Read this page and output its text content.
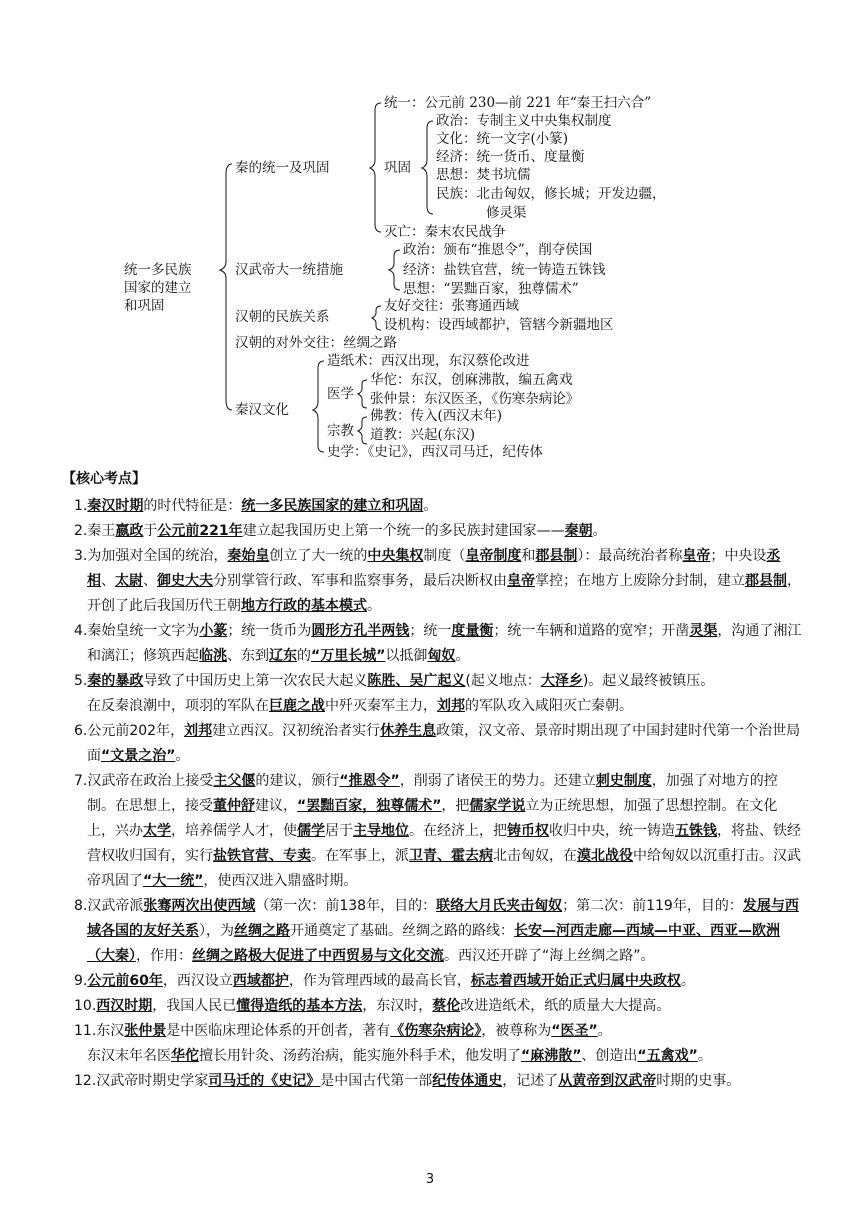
统一多民族
国家的建立
和巩固
秦的统一及巩固
统一：公元前 230—前 221 年“秦王扫六合”
巩固
政治：专制主义中央集权制度
文化：统一文字(小篆)
经济：统一货币、度量衡
思想：焚书坑儒
民族：北击匈奴，修长城；开发边疆，
修灵渠
灭亡：秦末农民战争
汉武帝大一统措施
政治：颁布“推恩令”，削夺侯国
经济：盐铁官营，统一铸造五铢钱
思想：“罢黜百家，独尊儒术”
汉朝的民族关系
友好交往：张骞通西域
设机构：设西域都护，管辖今新疆地区
汉朝的对外交往：丝绸之路
秦汉文化
造纸术：西汉出现，东汉蔡伦改进
医学
华佗：东汉，创麻沸散，编五禽戏
张仲景：东汉医圣，《伤寒杂病论》
宗教
佛教：传入(西汉末年)
道教：兴起(东汉)
史学：《史记》，西汉司马迁，纪传体
【核心考点】

1.秦汉时期的时代特征是：统一多民族国家的建立和巩固。

2.秦王嬴政于公元前221年建立起我国历史上第一个统一的多民族封建国家——秦朝。

3.为加强对全国的统治，秦始皇创立了大一统的中央集权制度（皇帝制度和郡县制）：最高统治者称皇帝；中央设丞相、太尉、御史大夫分别掌管行政、军事和监察事务，最后决断权由皇帝掌控；在地方上废除分封制，建立郡县制，开创了此后我国历代王朝地方行政的基本模式。

4.秦始皇统一文字为小篆；统一货币为圆形方孔半两钱；统一度量衡；统一车辆和道路的宽窄；开凿灵渠，沟通了湘江和漓江；修筑西起临洮、东到辽东的“万里长城”以抵御匈奴。

5.秦的暴政导致了中国历史上第一次农民大起义陈胜、吴广起义(起义地点：大泽乡)。起义最终被镇压。

在反秦浪潮中，项羽的军队在巨鹿之战中歼灭秦军主力，刘邦的军队攻入咸阳灭亡秦朝。

6.公元前202年，刘邦建立西汉。汉初统治者实行休养生息政策，汉文帝、景帝时期出现了中国封建时代第一个治世局面“文景之治”。

7.汉武帝在政治上接受主父偃的建议，颁行“推恩令”，削弱了诸侯王的势力。还建立刺史制度，加强了对地方的控制。在思想上，接受董仲舒建议，“罢黜百家，独尊儒术”，把儒家学说立为正统思想，加强了思想控制。在文化上，兴办太学，培养儒学人才，使儒学居于主导地位。在经济上，把铸币权收归中央，统一铸造五铢钱，将盐、铁经营权收归国有，实行盐铁官营、专卖。在军事上，派卫青、霍去病北击匈奴，在漠北战役中给匈奴以沉重打击。汉武帝巩固了“大一统”，使西汉进入鼎盛时期。

8.汉武帝派张骞两次出使西域（第一次：前138年，目的：联络大月氏夹击匈奴；第二次：前119年，目的：发展与西域各国的友好关系），为丝绸之路开通奠定了基础。丝绸之路的路线：长安—河西走廊—西域—中亚、西亚—欧洲（大秦），作用：丝绸之路极大促进了中西贸易与文化交流。西汉还开辟了“海上丝绸之路”。

9.公元前60年，西汉设立西域都护，作为管理西域的最高长官，标志着西域开始正式归属中央政权。

10.西汉时期，我国人民已懂得造纸的基本方法，东汉时，蔡伦改进造纸术，纸的质量大大提高。

11.东汉张仲景是中医临床理论体系的开创者，著有《伤寒杂病论》，被尊称为“医圣”。

东汉末年名医华佗擅长用针灸、汤药治病，能实施外科手术，他发明了“麻沸散”、创造出“五禽戏”。

12.汉武帝时期史学家司马迁的《史记》是中国古代第一部纪传体通史，记述了从黄帝到汉武帝时期的史事。

3
